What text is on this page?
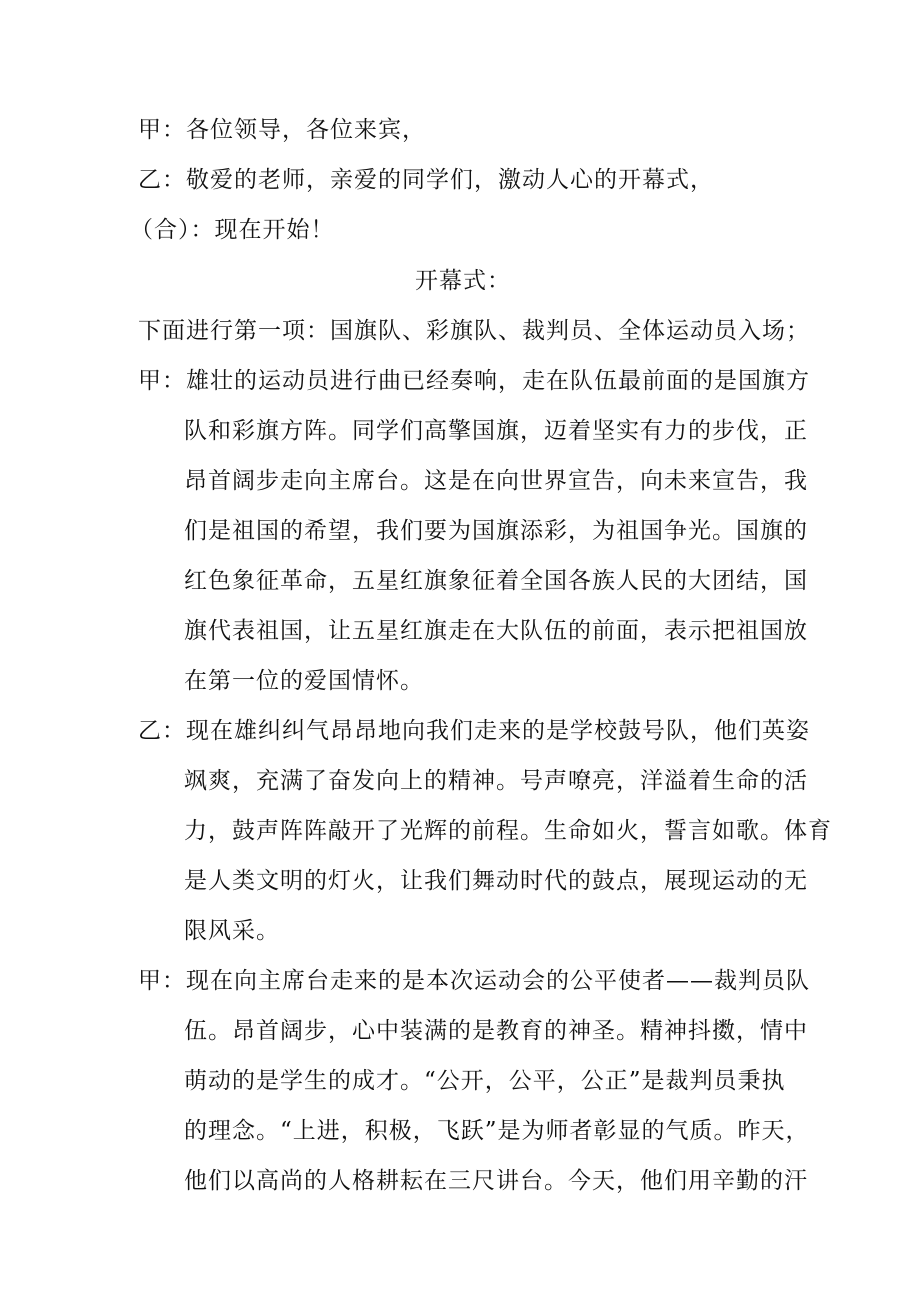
甲：各位领导，各位来宾，
乙：敬爱的老师，亲爱的同学们，激动人心的开幕式，
（合）：现在开始！
开幕式：
下面进行第一项：国旗队、彩旗队、裁判员、全体运动员入场；
甲：雄壮的运动员进行曲已经奏响，走在队伍最前面的是国旗方
队和彩旗方阵。同学们高擎国旗，迈着坚实有力的步伐，正
昂首阔步走向主席台。这是在向世界宣告，向未来宣告，我
们是祖国的希望，我们要为国旗添彩，为祖国争光。国旗的
红色象征革命，五星红旗象征着全国各族人民的大团结，国
旗代表祖国，让五星红旗走在大队伍的前面，表示把祖国放
在第一位的爱国情怀。
乙：现在雄纠纠气昂昂地向我们走来的是学校鼓号队，他们英姿
飒爽，充满了奋发向上的精神。号声嘹亮，洋溢着生命的活
力，鼓声阵阵敲开了光辉的前程。生命如火，誓言如歌。体育
是人类文明的灯火，让我们舞动时代的鼓点，展现运动的无
限风采。
甲：现在向主席台走来的是本次运动会的公平使者——裁判员队
伍。昂首阔步，心中装满的是教育的神圣。精神抖擞，情中
萌动的是学生的成才。“公开，公平，公正”是裁判员秉执
的理念。“上进，积极，飞跃”是为师者彰显的气质。昨天，
他们以高尚的人格耕耘在三尺讲台。今天，他们用辛勤的汗
